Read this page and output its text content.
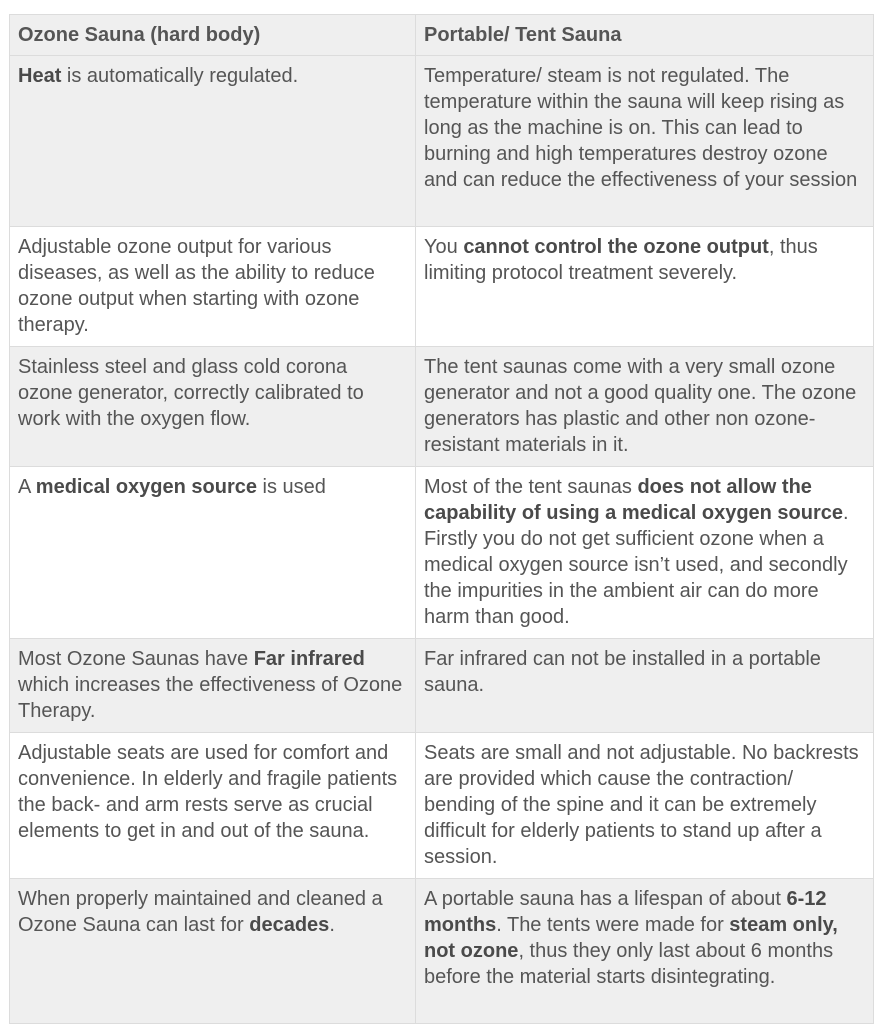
Ozone Sauna (hard body)	Portable/ Tent Sauna
Heat is automatically regulated.	Temperature/ steam is not regulated. The temperature within the sauna will keep rising as long as the machine is on. This can lead to burning and high temperatures destroy ozone and can reduce the effectiveness of your session
Adjustable ozone output for various diseases, as well as the ability to reduce ozone output when starting with ozone therapy.	You cannot control the ozone output, thus limiting protocol treatment severely.
Stainless steel and glass cold corona ozone generator, correctly calibrated to work with the oxygen flow.	The tent saunas come with a very small ozone generator and not a good quality one. The ozone generators has plastic and other non ozone-resistant materials in it.
A medical oxygen source is used	Most of the tent saunas does not allow the capability of using a medical oxygen source. Firstly you do not get sufficient ozone when a medical oxygen source isn’t used, and secondly the impurities in the ambient air can do more harm than good.
Most Ozone Saunas have Far infrared which increases the effectiveness of Ozone Therapy.	Far infrared can not be installed in a portable sauna.
Adjustable seats are used for comfort and convenience. In elderly and fragile patients the back- and arm rests serve as crucial elements to get in and out of the sauna.	Seats are small and not adjustable. No backrests are provided which cause the contraction/ bending of the spine and it can be extremely difficult for elderly patients to stand up after a session.
When properly maintained and cleaned a Ozone Sauna can last for decades.	A portable sauna has a lifespan of about 6-12 months. The tents were made for steam only, not ozone, thus they only last about 6 months before the material starts disintegrating.
